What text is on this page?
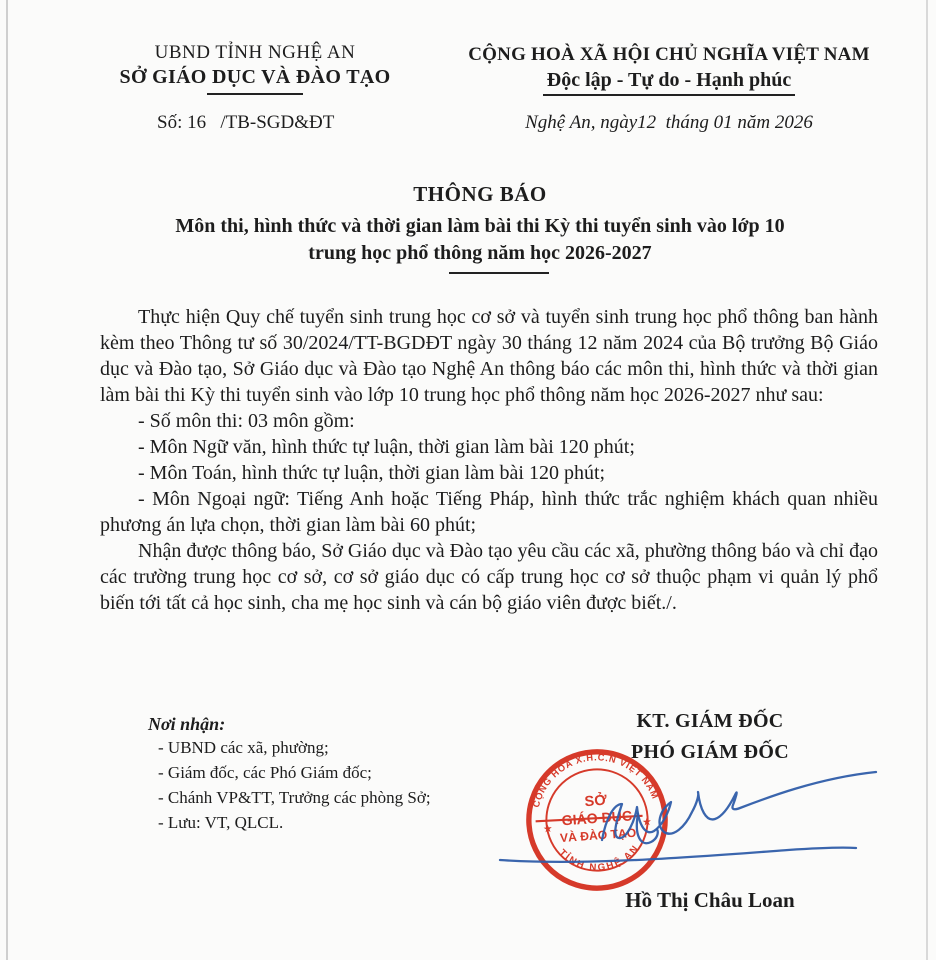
UBND TỈNH NGHỆ AN
SỞ GIÁO DỤC VÀ ĐÀO TẠO
Số: 16   /TB-SGD&ĐT
CỘNG HOÀ XÃ HỘI CHỦ NGHĨA VIỆT NAM
Độc lập - Tự do - Hạnh phúc
Nghệ An, ngày12  tháng 01 năm 2026
THÔNG BÁO
Môn thi, hình thức và thời gian làm bài thi Kỳ thi tuyển sinh vào lớp 10
trung học phổ thông năm học 2026-2027

Thực hiện Quy chế tuyển sinh trung học cơ sở và tuyển sinh trung học phổ thông ban hành kèm theo Thông tư số 30/2024/TT-BGDĐT ngày 30 tháng 12 năm 2024 của Bộ trưởng Bộ Giáo dục và Đào tạo, Sở Giáo dục và Đào tạo Nghệ An thông báo các môn thi, hình thức và thời gian làm bài thi Kỳ thi tuyển sinh vào lớp 10 trung học phổ thông năm học 2026-2027 như sau:

- Số môn thi: 03 môn gồm:
- Môn Ngữ văn, hình thức tự luận, thời gian làm bài 120 phút;
- Môn Toán, hình thức tự luận, thời gian làm bài 120 phút;
- Môn Ngoại ngữ: Tiếng Anh hoặc Tiếng Pháp, hình thức trắc nghiệm khách quan nhiều phương án lựa chọn, thời gian làm bài 60 phút;

Nhận được thông báo, Sở Giáo dục và Đào tạo yêu cầu các xã, phường thông báo và chỉ đạo các trường trung học cơ sở, cơ sở giáo dục có cấp trung học cơ sở thuộc phạm vi quản lý phổ biến tới tất cả học sinh, cha mẹ học sinh và cán bộ giáo viên được biết./.

Nơi nhận:
- UBND các xã, phường;
- Giám đốc, các Phó Giám đốc;
- Chánh VP&TT, Trưởng các phòng Sở;
- Lưu: VT, QLCL.
KT. GIÁM ĐỐC
PHÓ GIÁM ĐỐC
CỘNG HÒA X.H.C.N VIỆT NAM
TỈNH NGHỆ AN
SỞ
GIÁO DỤC
VÀ ĐÀO TẠO
★
★
Hồ Thị Châu Loan
